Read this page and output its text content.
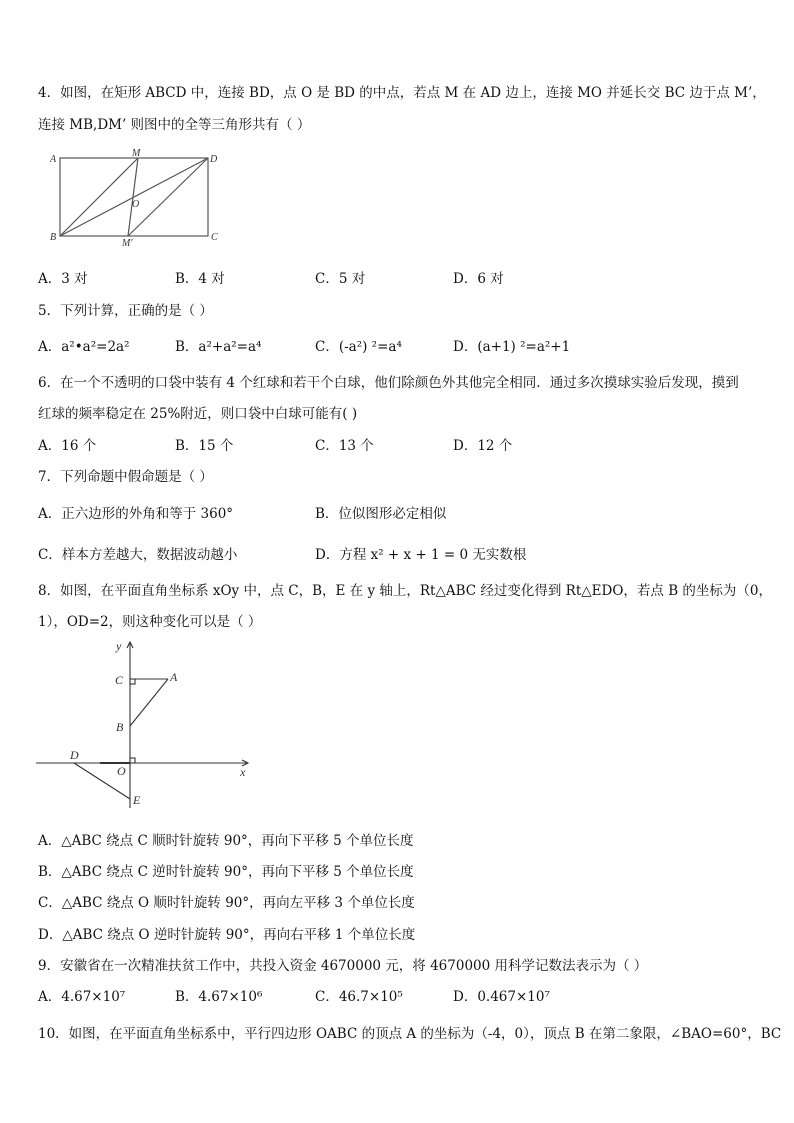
4．如图，在矩形 ABCD 中，连接 BD，点 O 是 BD 的中点，若点 M 在 AD 边上，连接 MO 并延长交 BC 边于点 M’，
连接 MB,DM’ 则图中的全等三角形共有（ ）
A
M
D
O
B
M'
C
A．3 对	B．4 对	C．5 对	D．6 对
5．下列计算，正确的是（ ）
A．a²•a²=2a²	B．a²+a²=a⁴	C．(-a²) ²=a⁴	D．(a+1) ²=a²+1
6．在一个不透明的口袋中装有 4 个红球和若干个白球，他们除颜色外其他完全相同．通过多次摸球实验后发现，摸到
红球的频率稳定在 25%附近，则口袋中白球可能有( )
A．16 个	B．15 个	C．13 个	D．12 个
7．下列命题中假命题是（ ）
A．正六边形的外角和等于 360°	B．位似图形必定相似
C．样本方差越大，数据波动越小	D．方程 x² + x + 1 = 0 无实数根
8．如图，在平面直角坐标系 xOy 中，点 C，B，E 在 y 轴上，Rt△ABC 经过变化得到 Rt△EDO，若点 B 的坐标为（0，
1），OD=2，则这种变化可以是（ ）
y
x
C	A
B
D
O
E
A．△ABC 绕点 C 顺时针旋转 90°，再向下平移 5 个单位长度
B．△ABC 绕点 C 逆时针旋转 90°，再向下平移 5 个单位长度
C．△ABC 绕点 O 顺时针旋转 90°，再向左平移 3 个单位长度
D．△ABC 绕点 O 逆时针旋转 90°，再向右平移 1 个单位长度
9．安徽省在一次精准扶贫工作中，共投入资金 4670000 元，将 4670000 用科学记数法表示为（ ）
A．4.67×10⁷	B．4.67×10⁶	C．46.7×10⁵	D．0.467×10⁷
10．如图，在平面直角坐标系中，平行四边形 OABC 的顶点 A 的坐标为（-4，0），顶点 B 在第二象限，∠BAO=60°，BC
